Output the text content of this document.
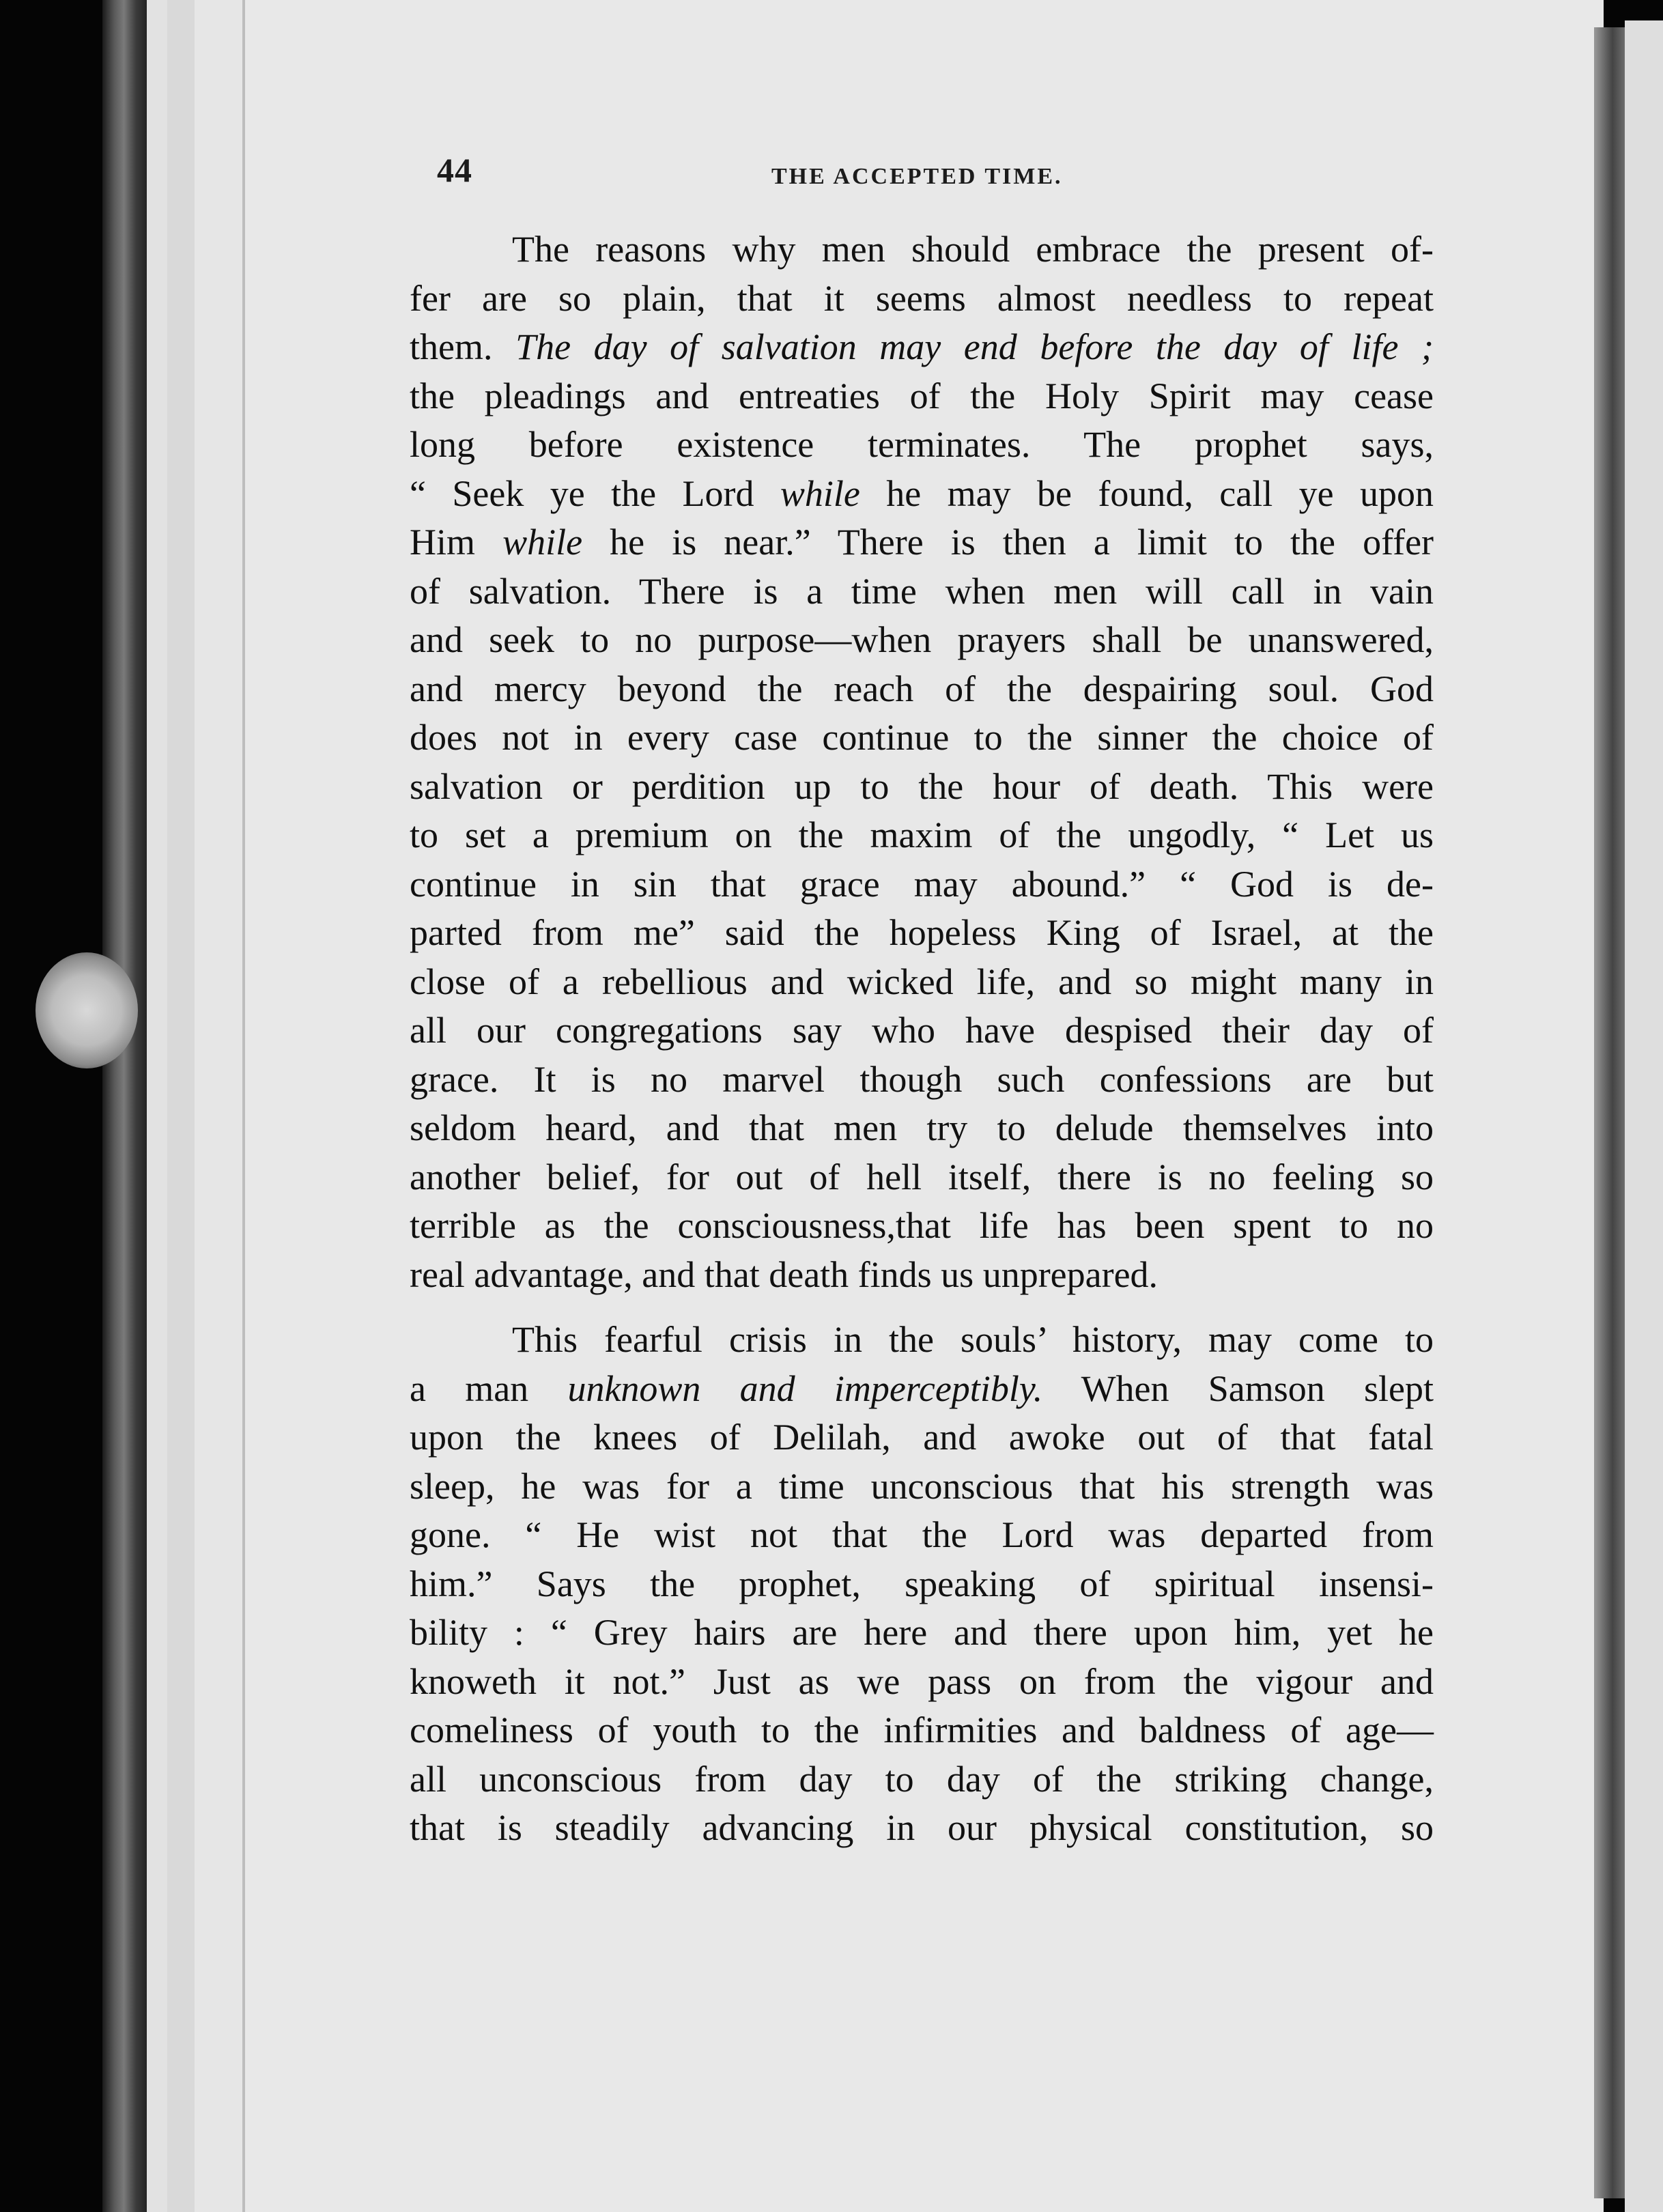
44	THE ACCEPTED TIME.
The reasons why men should embrace the present of-
fer are so plain, that it seems almost needless to repeat
them. The day of salvation may end before the day of life ;
the pleadings and entreaties of the Holy Spirit may cease
long before existence terminates. The prophet says,
“ Seek ye the Lord while he may be found, call ye upon
Him while he is near.” There is then a limit to the offer
of salvation. There is a time when men will call in vain
and seek to no purpose—when prayers shall be unanswered,
and mercy beyond the reach of the despairing soul. God
does not in every case continue to the sinner the choice of
salvation or perdition up to the hour of death. This were
to set a premium on the maxim of the ungodly, “ Let us
continue in sin that grace may abound.” “ God is de-
parted from me” said the hopeless King of Israel, at the
close of a rebellious and wicked life, and so might many in
all our congregations say who have despised their day of
grace. It is no marvel though such confessions are but
seldom heard, and that men try to delude themselves into
another belief, for out of hell itself, there is no feeling so
terrible as the consciousness,that life has been spent to no
real advantage, and that death finds us unprepared.
This fearful crisis in the souls’ history, may come to
a man unknown and imperceptibly. When Samson slept
upon the knees of Delilah, and awoke out of that fatal
sleep, he was for a time unconscious that his strength was
gone. “ He wist not that the Lord was departed from
him.” Says the prophet, speaking of spiritual insensi-
bility : “ Grey hairs are here and there upon him, yet he
knoweth it not.” Just as we pass on from the vigour and
comeliness of youth to the infirmities and baldness of age—
all unconscious from day to day of the striking change,
that is steadily advancing in our physical constitution, so
